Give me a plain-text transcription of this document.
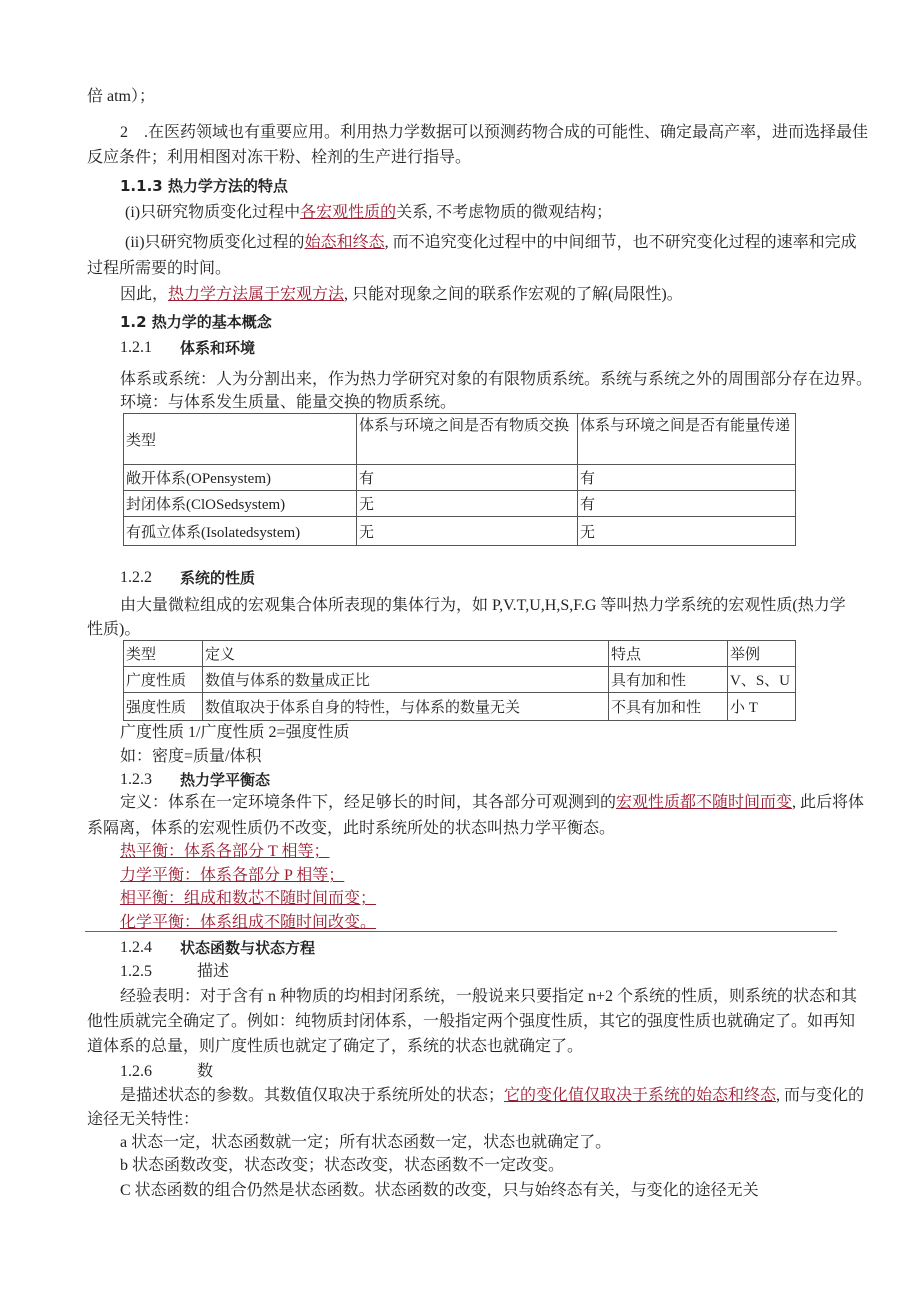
倍 atm）；
2　.在医药领域也有重要应用。利用热力学数据可以预测药物合成的可能性、确定最高产率，进而选择最佳
反应条件；利用相图对冻干粉、栓剂的生产进行指导。
1.1.3 热力学方法的特点
(i)只研究物质变化过程中各宏观性质的关系, 不考虑物质的微观结构；
(ii)只研究物质变化过程的始态和终态, 而不追究变化过程中的中间细节，也不研究变化过程的速率和完成
过程所需要的时间。
因此，热力学方法属于宏观方法, 只能对现象之间的联系作宏观的了解(局限性)。
1.2 热力学的基本概念
1.2.1 体系和环境
体系或系统：人为分割出来，作为热力学研究对象的有限物质系统。系统与系统之外的周围部分存在边界。
环境：与体系发生质量、能量交换的物质系统。
类型	体系与环境之间是否有物质交换	体系与环境之间是否有能量传递
敞开体系(OPensystem)	有	有
封闭体系(ClOSedsystem)	无	有
有孤立体系(Isolatedsystem)	无	无
1.2.2 系统的性质
由大量微粒组成的宏观集合体所表现的集体行为，如 P,V.T,U,H,S,F.G 等叫热力学系统的宏观性质(热力学
性质)。
类型	定义	特点	举例
广度性质	数值与体系的数量成正比	具有加和性	V、S、U
强度性质	数值取决于体系自身的特性，与体系的数量无关	不具有加和性	小 T
广度性质 1/广度性质 2=强度性质
如：密度=质量/体积
1.2.3 热力学平衡态
定义：体系在一定环境条件下，经足够长的时间，其各部分可观测到的宏观性质都不随时间而变, 此后将体
系隔离，体系的宏观性质仍不改变，此时系统所处的状态叫热力学平衡态。
热平衡：体系各部分 T 相等；
力学平衡：体系各部分 P 相等；
相平衡：组成和数芯不随时间而变；
化学平衡：体系组成不随时间改变。
1.2.4 状态函数与状态方程
1.2.5	描述
经验表明：对于含有 n 种物质的均相封闭系统，一般说来只要指定 n+2 个系统的性质，则系统的状态和其
他性质就完全确定了。例如：纯物质封闭体系，一般指定两个强度性质，其它的强度性质也就确定了。如再知
道体系的总量，则广度性质也就定了确定了，系统的状态也就确定了。
1.2.6	数
是描述状态的参数。其数值仅取决于系统所处的状态；它的变化值仅取决于系统的始态和终态, 而与变化的
途径无关特性：
a 状态一定，状态函数就一定；所有状态函数一定，状态也就确定了。
b 状态函数改变，状态改变；状态改变，状态函数不一定改变。
C 状态函数的组合仍然是状态函数。状态函数的改变，只与始终态有关，与变化的途径无关
